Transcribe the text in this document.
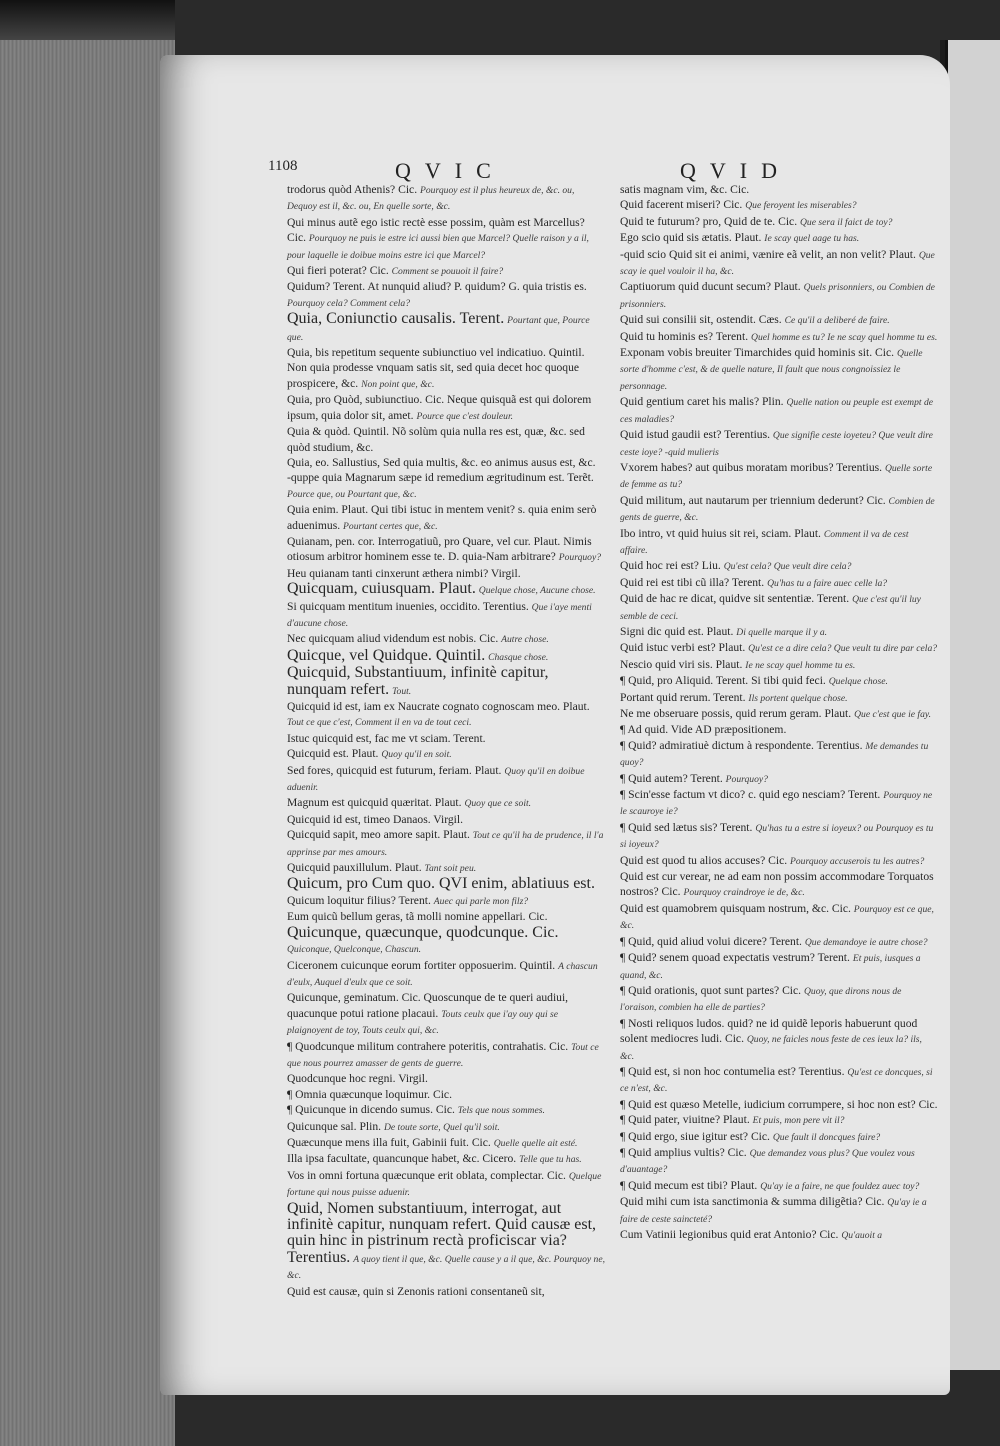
1108	QVIC	QVID

trodorus quòd Athenis? Cic. Pourquoy est il plus heureux de, &c. ou, Dequoy est il, &c. ou, En quelle sorte, &c.

Qui minus autẽ ego istic rectè esse possim, quàm est Marcellus? Cic. Pourquoy ne puis ie estre ici aussi bien que Marcel? Quelle raison y a il, pour laquelle ie doibue moins estre ici que Marcel?

Qui fieri poterat? Cic. Comment se pouuoit il faire?

Quidum? Terent. At nunquid aliud? P. quidum? G. quia tristis es. Pourquoy cela? Comment cela?

Quia, Coniunctio causalis. Terent. Pourtant que, Pource que.

Quia, bis repetitum sequente subiunctiuo vel indicatiuo. Quintil. Non quia prodesse vnquam satis sit, sed quia decet hoc quoque prospicere, &c. Non point que, &c.

Quia, pro Quòd, subiunctiuo. Cic. Neque quisquã est qui dolorem ipsum, quia dolor sit, amet. Pource que c'est douleur.

Quia & quòd. Quintil. Nõ solùm quia nulla res est, quæ, &c. sed quòd studium, &c.

Quia, eo. Sallustius, Sed quia multis, &c. eo animus ausus est, &c.

-quppe quia Magnarum sæpe id remedium ægritudinum est. Terẽt. Pource que, ou Pourtant que, &c.

Quia enim. Plaut. Qui tibi istuc in mentem venit? s. quia enim serò aduenimus. Pourtant certes que, &c.

Quianam, pen. cor. Interrogatiuũ, pro Quare, vel cur. Plaut. Nimis otiosum arbitror hominem esse te. D. quia-Nam arbitrare? Pourquoy?

Heu quianam tanti cinxerunt æthera nimbi? Virgil.

Quicquam, cuiusquam. Plaut. Quelque chose, Aucune chose.

Si quicquam mentitum inuenies, occidito. Terentius. Que i'aye menti d'aucune chose.

Nec quicquam aliud videndum est nobis. Cic. Autre chose.

Quicque, vel Quidque. Quintil. Chasque chose.

Quicquid, Substantiuum, infinitè capitur, nunquam refert. Tout.

Quicquid id est, iam ex Naucrate cognato cognoscam meo. Plaut. Tout ce que c'est, Comment il en va de tout ceci.

Istuc quicquid est, fac me vt sciam. Terent.

Quicquid est. Plaut. Quoy qu'il en soit.

Sed fores, quicquid est futurum, feriam. Plaut. Quoy qu'il en doibue aduenir.

Magnum est quicquid quæritat. Plaut. Quoy que ce soit.

Quicquid id est, timeo Danaos. Virgil.

Quicquid sapit, meo amore sapit. Plaut. Tout ce qu'il ha de prudence, il l'a apprinse par mes amours.

Quicquid pauxillulum. Plaut. Tant soit peu.

Quicum, pro Cum quo. QVI enim, ablatiuus est.

Quicum loquitur filius? Terent. Auec qui parle mon filz?

Eum quicũ bellum geras, tã molli nomine appellari. Cic.

Quicunque, quæcunque, quodcunque. Cic. Quiconque, Quelconque, Chascun.

Ciceronem cuicunque eorum fortiter opposuerim. Quintil. A chascun d'eulx, Auquel d'eulx que ce soit.

Quicunque, geminatum. Cic. Quoscunque de te queri audiui, quacunque potui ratione placaui. Touts ceulx que i'ay ouy qui se plaignoyent de toy, Touts ceulx qui, &c.

¶ Quodcunque militum contrahere poteritis, contrahatis. Cic. Tout ce que nous pourrez amasser de gents de guerre.

Quodcunque hoc regni. Virgil.

¶ Omnia quæcunque loquimur. Cic.

¶ Quicunque in dicendo sumus. Cic. Tels que nous sommes.

Quicunque sal. Plin. De toute sorte, Quel qu'il soit.

Quæcunque mens illa fuit, Gabinii fuit. Cic. Quelle quelle ait esté.

Illa ipsa facultate, quancunque habet, &c. Cicero. Telle que tu has.

Vos in omni fortuna quæcunque erit oblata, complectar. Cic. Quelque fortune qui nous puisse aduenir.

Quid, Nomen substantiuum, interrogat, aut infinitè capitur, nunquam refert. Quid causæ est, quin hinc in pistrinum rectà proficiscar via? Terentius. A quoy tient il que, &c. Quelle cause y a il que, &c. Pourquoy ne, &c.

Quid est causæ, quin si Zenonis rationi consentaneũ sit,

satis magnam vim, &c. Cic.

Quid facerent miseri? Cic. Que feroyent les miserables?

Quid te futurum? pro, Quid de te. Cic. Que sera il faict de toy?

Ego scio quid sis ætatis. Plaut. Ie scay quel aage tu has.

-quid scio Quid sit ei animi, vænire eã velit, an non velit? Plaut. Que scay ie quel vouloir il ha, &c.

Captiuorum quid ducunt secum? Plaut. Quels prisonniers, ou Combien de prisonniers.

Quid sui consilii sit, ostendit. Cæs. Ce qu'il a deliberé de faire.

Quid tu hominis es? Terent. Quel homme es tu? Ie ne scay quel homme tu es.

Exponam vobis breuiter Timarchides quid hominis sit. Cic. Quelle sorte d'homme c'est, & de quelle nature, Il fault que nous congnoissiez le personnage.

Quid gentium caret his malis? Plin. Quelle nation ou peuple est exempt de ces maladies?

Quid istud gaudii est? Terentius. Que signifie ceste ioyeteu? Que veult dire ceste ioye? -quid mulieris

Vxorem habes? aut quibus moratam moribus? Terentius. Quelle sorte de femme as tu?

Quid militum, aut nautarum per triennium dederunt? Cic. Combien de gents de guerre, &c.

Ibo intro, vt quid huius sit rei, sciam. Plaut. Comment il va de cest affaire.

Quid hoc rei est? Liu. Qu'est cela? Que veult dire cela?

Quid rei est tibi cũ illa? Terent. Qu'has tu a faire auec celle la?

Quid de hac re dicat, quidve sit sententiæ. Terent. Que c'est qu'il luy semble de ceci.

Signi dic quid est. Plaut. Di quelle marque il y a.

Quid istuc verbi est? Plaut. Qu'est ce a dire cela? Que veult tu dire par cela?

Nescio quid viri sis. Plaut. Ie ne scay quel homme tu es.

¶ Quid, pro Aliquid. Terent. Si tibi quid feci. Quelque chose.

Portant quid rerum. Terent. Ils portent quelque chose.

Ne me obseruare possis, quid rerum geram. Plaut. Que c'est que ie fay.

¶ Ad quid. Vide AD præpositionem.

¶ Quid? admiratiuè dictum à respondente. Terentius. Me demandes tu quoy?

¶ Quid autem? Terent. Pourquoy?

¶ Scin'esse factum vt dico? c. quid ego nesciam? Terent. Pourquoy ne le scauroye ie?

¶ Quid sed lætus sis? Terent. Qu'has tu a estre si ioyeux? ou Pourquoy es tu si ioyeux?

Quid est quod tu alios accuses? Cic. Pourquoy accuserois tu les autres?

Quid est cur verear, ne ad eam non possim accommodare Torquatos nostros? Cic. Pourquoy craindroye ie de, &c.

Quid est quamobrem quisquam nostrum, &c. Cic. Pourquoy est ce que, &c.

¶ Quid, quid aliud volui dicere? Terent. Que demandoye ie autre chose?

¶ Quid? senem quoad expectatis vestrum? Terent. Et puis, iusques a quand, &c.

¶ Quid orationis, quot sunt partes? Cic. Quoy, que dirons nous de l'oraison, combien ha elle de parties?

¶ Nosti reliquos ludos. quid? ne id quidẽ leporis habuerunt quod solent mediocres ludi. Cic. Quoy, ne faicles nous feste de ces ieux la? ils, &c.

¶ Quid est, si non hoc contumelia est? Terentius. Qu'est ce doncques, si ce n'est, &c.

¶ Quid est quæso Metelle, iudicium corrumpere, si hoc non est? Cic.

¶ Quid pater, viuitne? Plaut. Et puis, mon pere vit il?

¶ Quid ergo, siue igitur est? Cic. Que fault il doncques faire?

¶ Quid amplius vultis? Cic. Que demandez vous plus? Que voulez vous d'auantage?

¶ Quid mecum est tibi? Plaut. Qu'ay ie a faire, ne que fouldez auec toy?

Quid mihi cum ista sanctimonia & summa diligẽtia? Cic. Qu'ay ie a faire de ceste saincteté?

Cum Vatinii legionibus quid erat Antonio? Cic. Qu'auoit a
